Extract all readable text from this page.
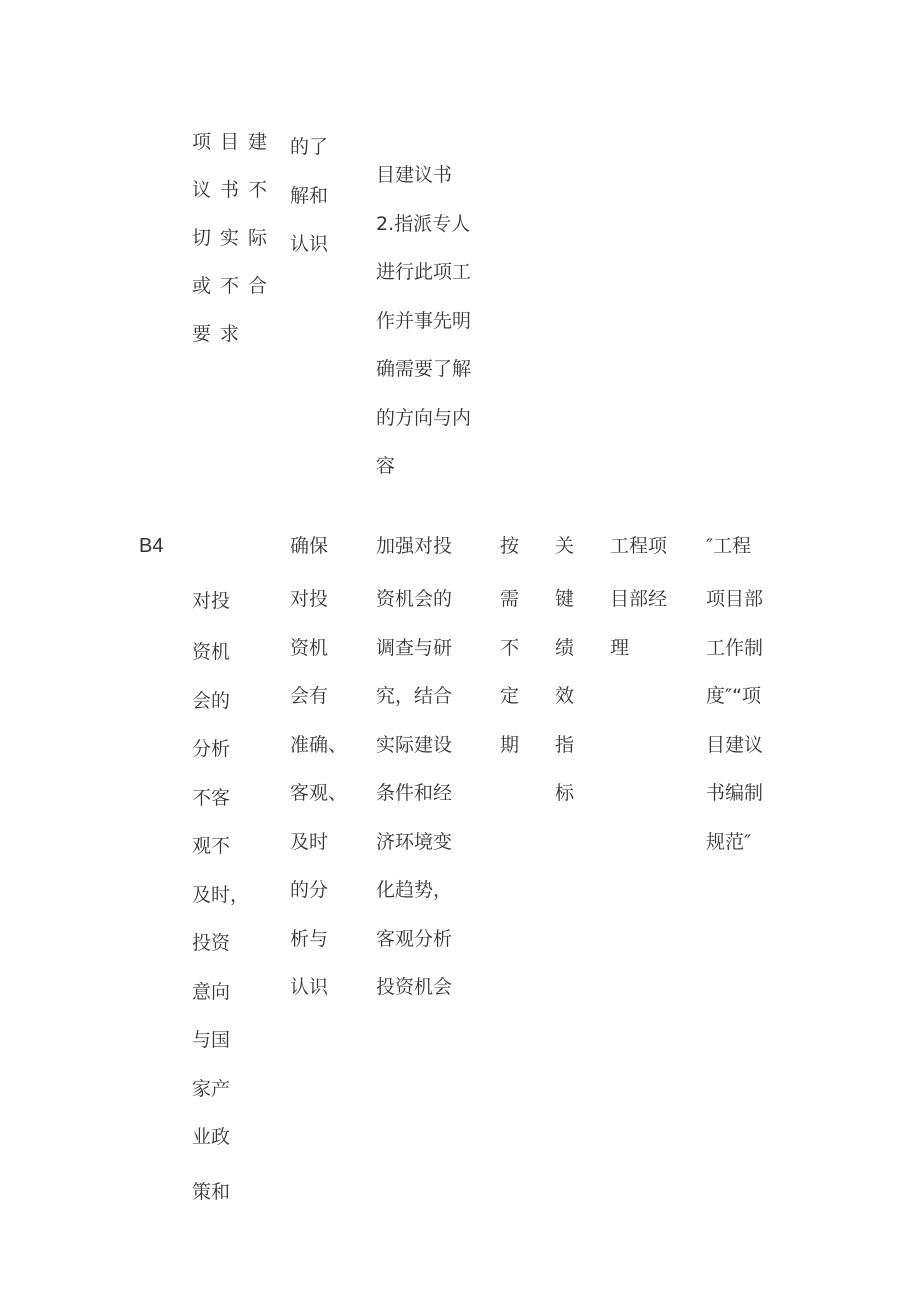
项目建
议书不
切实际
或不合
要求
的了
解和
认识
目建议书
2.指派专人
进行此项工
作并事先明
确需要了解
的方向与内
容
B4
对投
资机
会的
分析
不客
观不
及时，
投资
意向
与国
家产
业政
策和
确保
对投
资机
会有
准确、
客观、
及时
的分
析与
认识
加强对投
资机会的
调查与研
究，结合
实际建设
条件和经
济环境变
化趋势，
客观分析
投资机会
按
需
不
定
期
关
键
绩
效
指
标
工程项
目部经
理
″工程
项目部
工作制
度″“项
目建议
书编制
规范″
